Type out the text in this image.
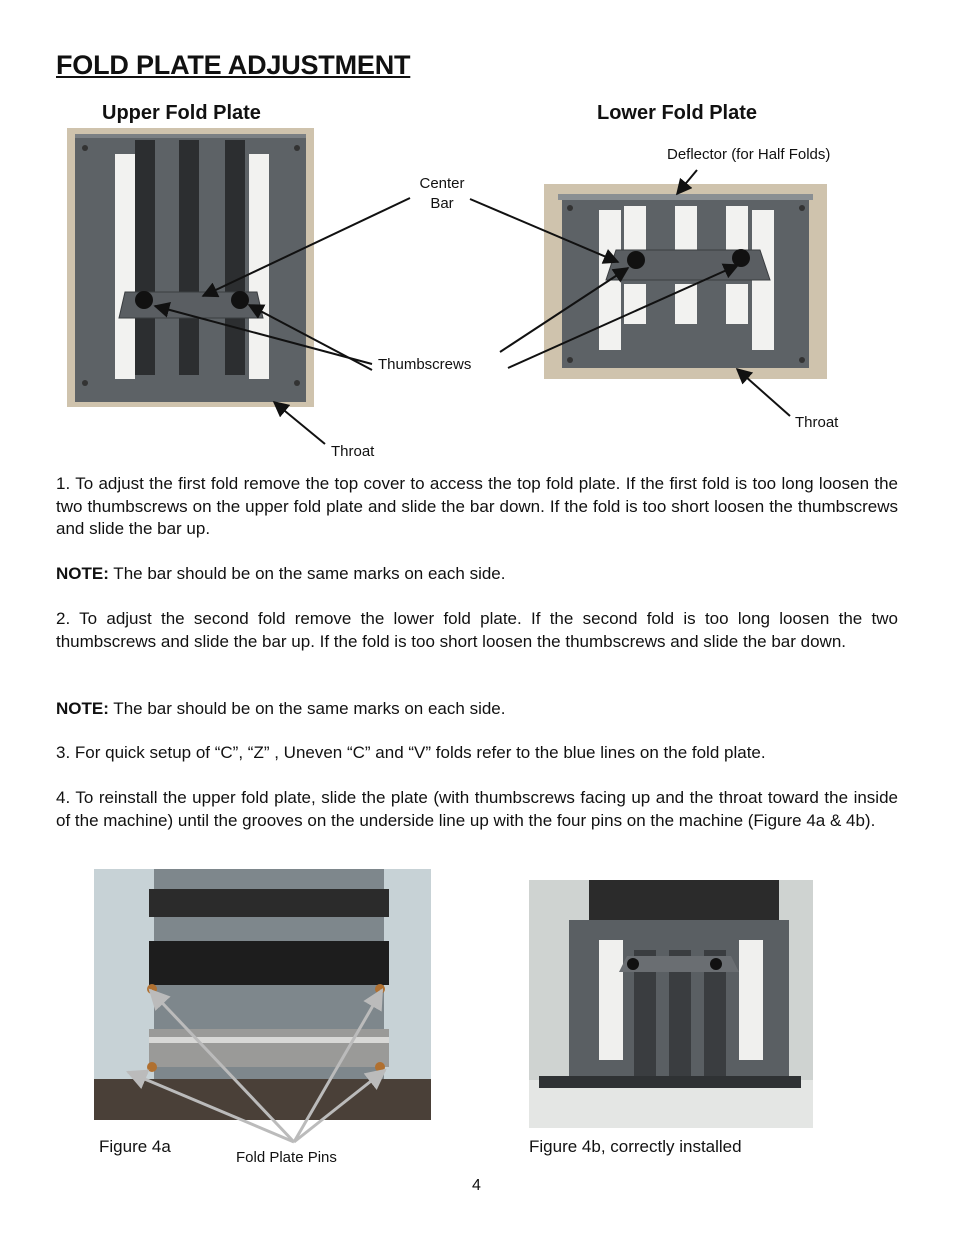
FOLD PLATE ADJUSTMENT
Upper Fold Plate	Lower Fold Plate
Deflector (for Half Folds)
Center
Bar
Thumbscrews
Throat
Throat
1. To adjust the first fold remove the top cover to access the top fold plate. If the first fold is too long loosen the two thumbscrews on the upper fold plate and slide the bar down. If the fold is too short loosen the thumbscrews and slide the bar up.
NOTE: The bar should be on the same marks on each side.
2. To adjust the second fold remove the lower fold plate. If the second fold is too long loosen the two thumbscrews and slide the bar up. If the fold is too short loosen the thumbscrews and slide the bar down.
NOTE: The bar should be on the same marks on each side.
3. For quick setup of “C”, “Z” , Uneven “C” and “V” folds refer to the blue lines on the fold plate.
4. To reinstall the upper fold plate, slide the plate (with thumbscrews facing up and the throat toward the inside of the machine) until the grooves on the underside line up with the four pins on the machine (Figure 4a & 4b).
Figure 4a
Fold Plate Pins
Figure 4b, correctly installed
4
